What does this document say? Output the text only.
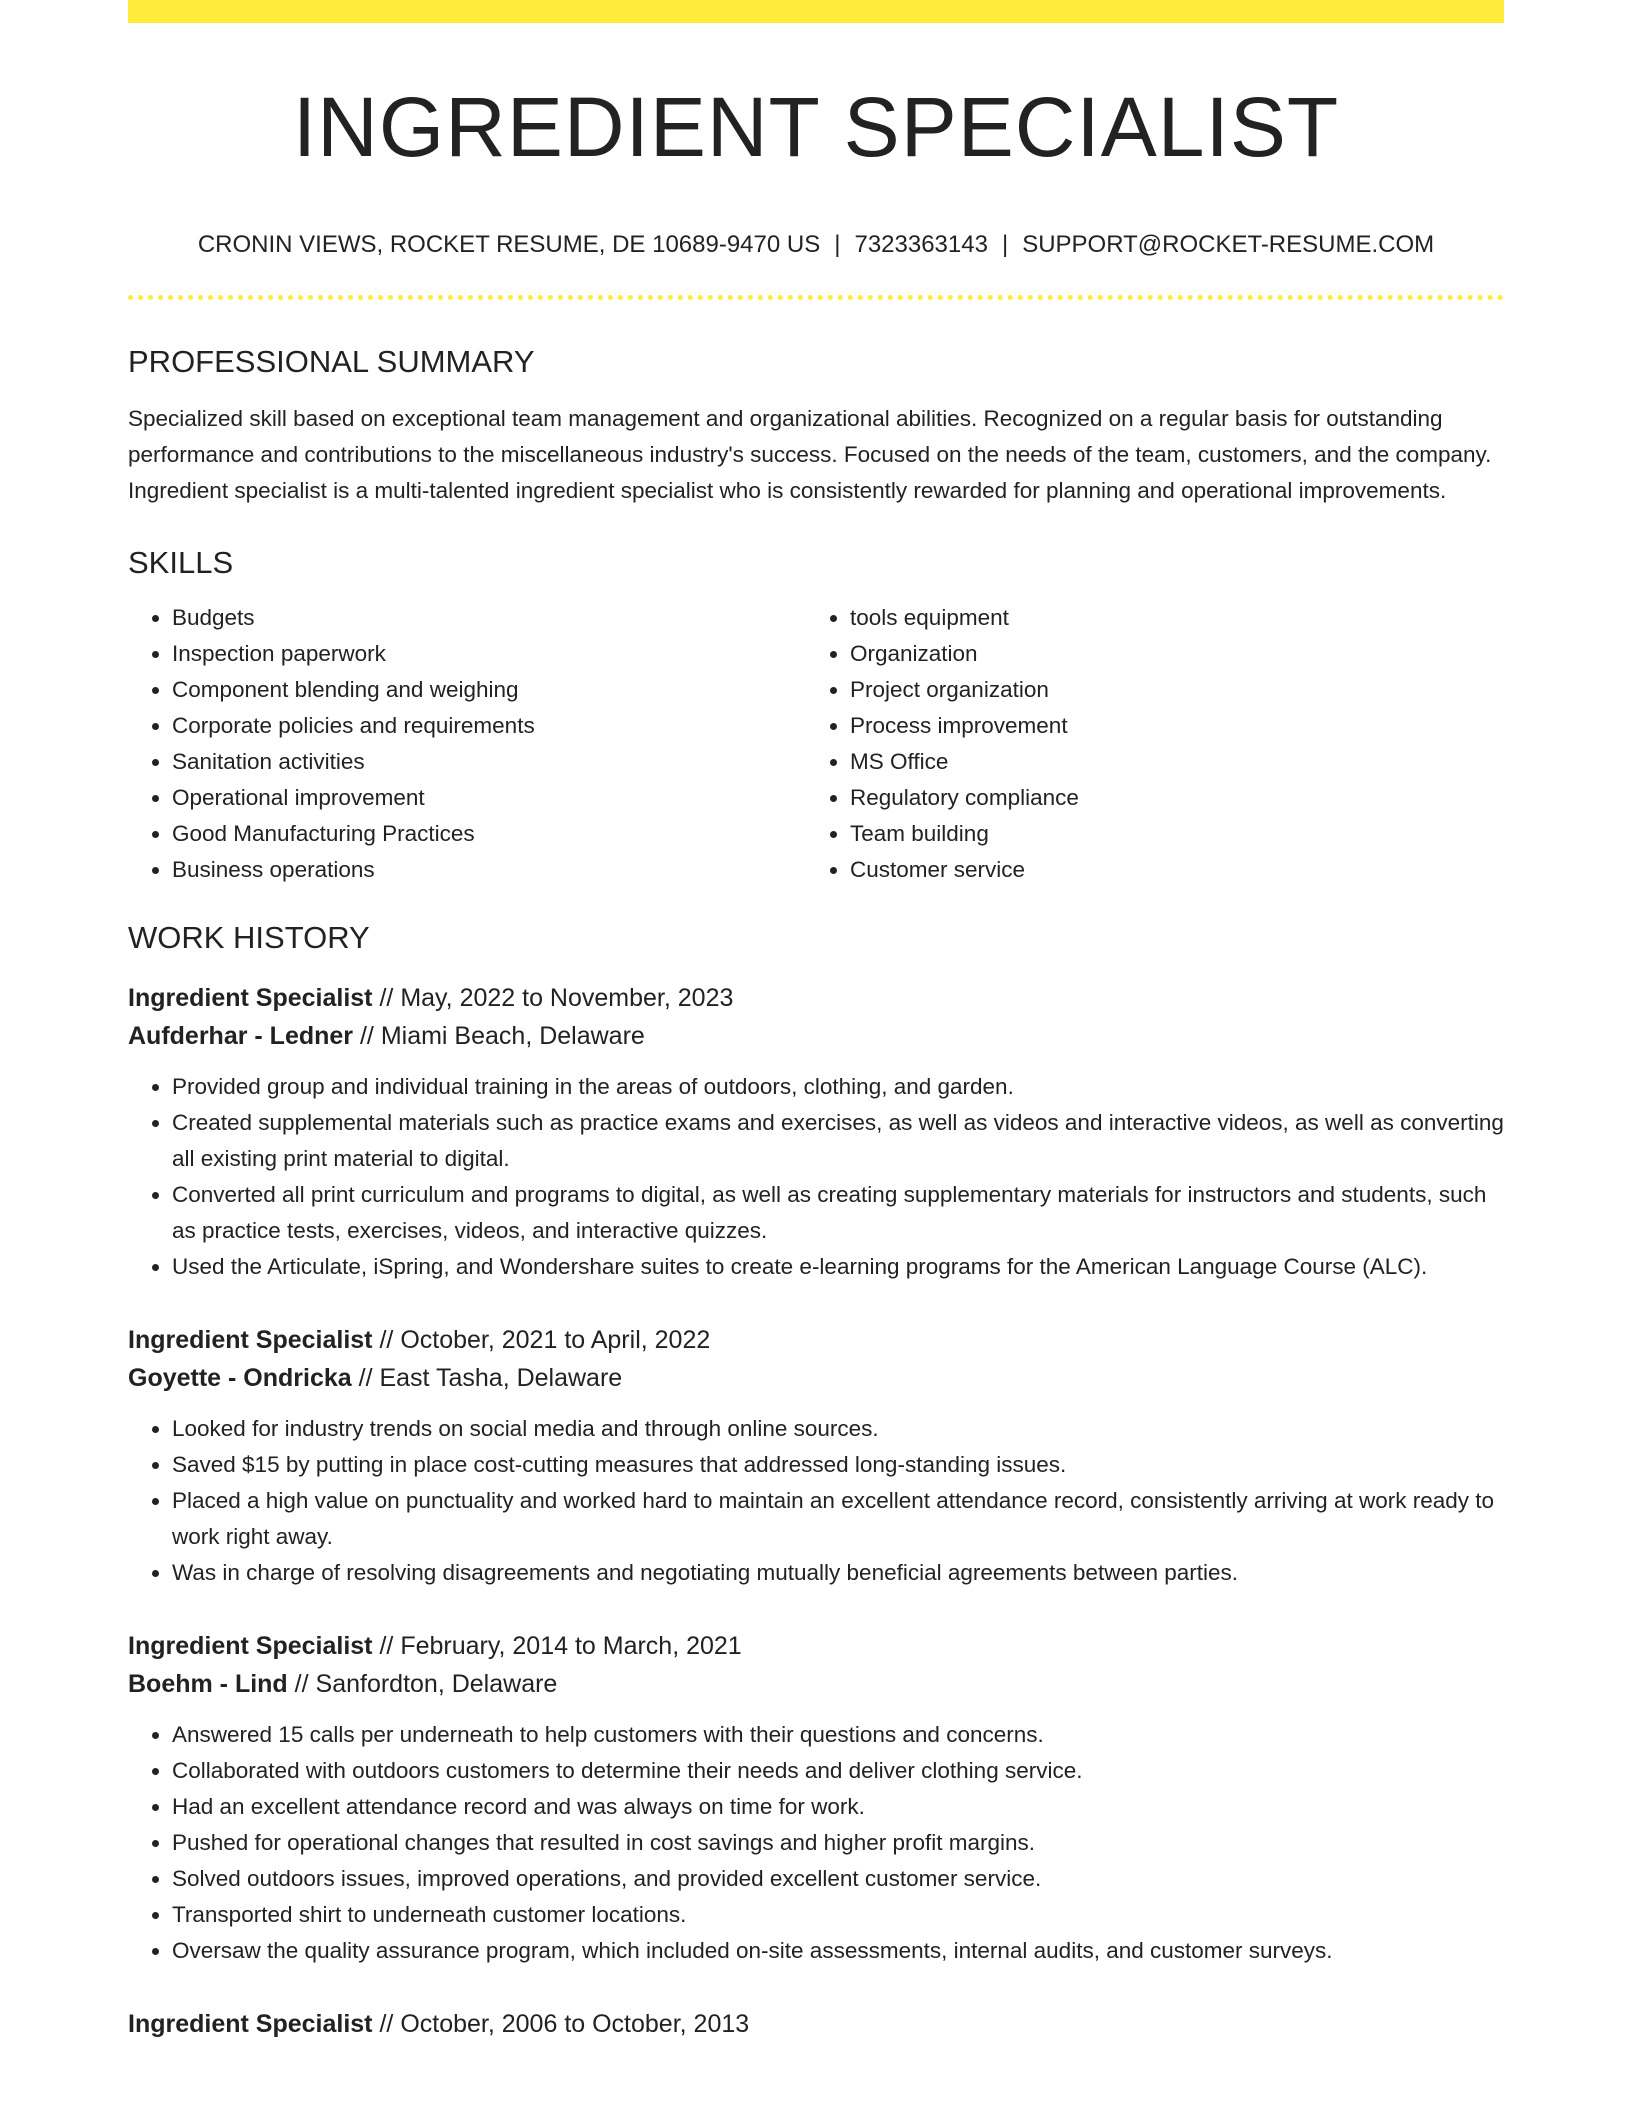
INGREDIENT SPECIALIST
CRONIN VIEWS, ROCKET RESUME, DE 10689-9470 US | 7323363143 | SUPPORT@ROCKET-RESUME.COM
PROFESSIONAL SUMMARY

Specialized skill based on exceptional team management and organizational abilities. Recognized on a regular basis for outstanding performance and contributions to the miscellaneous industry's success. Focused on the needs of the team, customers, and the company. Ingredient specialist is a multi-talented ingredient specialist who is consistently rewarded for planning and operational improvements.

SKILLS
• Budgets
• Inspection paperwork
• Component blending and weighing
• Corporate policies and requirements
• Sanitation activities
• Operational improvement
• Good Manufacturing Practices
• Business operations
• tools equipment
• Organization
• Project organization
• Process improvement
• MS Office
• Regulatory compliance
• Team building
• Customer service
WORK HISTORY
Ingredient Specialist // May, 2022 to November, 2023
Aufderhar - Ledner // Miami Beach, Delaware
• Provided group and individual training in the areas of outdoors, clothing, and garden.
• Created supplemental materials such as practice exams and exercises, as well as videos and interactive videos, as well as converting all existing print material to digital.
• Converted all print curriculum and programs to digital, as well as creating supplementary materials for instructors and students, such as practice tests, exercises, videos, and interactive quizzes.
• Used the Articulate, iSpring, and Wondershare suites to create e-learning programs for the American Language Course (ALC).
Ingredient Specialist // October, 2021 to April, 2022
Goyette - Ondricka // East Tasha, Delaware
• Looked for industry trends on social media and through online sources.
• Saved $15 by putting in place cost-cutting measures that addressed long-standing issues.
• Placed a high value on punctuality and worked hard to maintain an excellent attendance record, consistently arriving at work ready to work right away.
• Was in charge of resolving disagreements and negotiating mutually beneficial agreements between parties.
Ingredient Specialist // February, 2014 to March, 2021
Boehm - Lind // Sanfordton, Delaware
• Answered 15 calls per underneath to help customers with their questions and concerns.
• Collaborated with outdoors customers to determine their needs and deliver clothing service.
• Had an excellent attendance record and was always on time for work.
• Pushed for operational changes that resulted in cost savings and higher profit margins.
• Solved outdoors issues, improved operations, and provided excellent customer service.
• Transported shirt to underneath customer locations.
• Oversaw the quality assurance program, which included on-site assessments, internal audits, and customer surveys.
Ingredient Specialist // October, 2006 to October, 2013
